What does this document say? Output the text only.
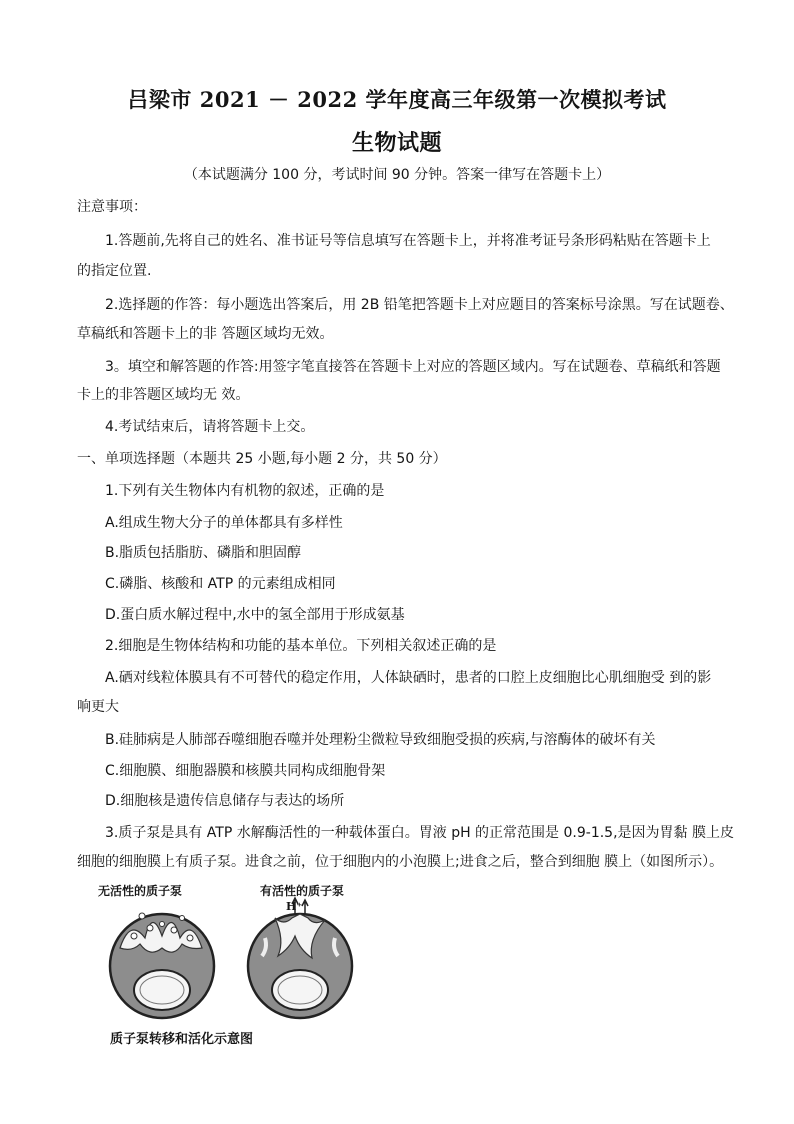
吕梁市 2021 － 2022 学年度高三年级第一次模拟考试
生物试题
（本试题满分 100 分，考试时间 90 分钟。答案一律写在答题卡上）
注意事项：
1.答题前,先将自己的姓名、准书证号等信息填写在答题卡上，并将准考证号条形码粘贴在答题卡上
的指定位置.
2.选择题的作答：每小题选出答案后，用 2B 铅笔把答题卡上对应题目的答案标号涂黑。写在试题卷、
草稿纸和答题卡上的非 答题区域均无效。
3。填空和解答题的作答:用签字笔直接答在答题卡上对应的答题区域内。写在试题卷、草稿纸和答题
卡上的非答题区域均无 效。
4.考试结束后，请将答题卡上交。
一、单项选择题（本题共 25 小题,每小题 2 分，共 50 分）
1.下列有关生物体内有机物的叙述，正确的是
A.组成生物大分子的单体都具有多样性
B.脂质包括脂肪、磷脂和胆固醇
C.磷脂、核酸和 ATP 的元素组成相同
D.蛋白质水解过程中,水中的氢全部用于形成氨基
2.细胞是生物体结构和功能的基本单位。下列相关叙述正确的是
A.硒对线粒体膜具有不可替代的稳定作用，人体缺硒时，患者的口腔上皮细胞比心肌细胞受 到的影
响更大
B.硅肺病是人肺部吞噬细胞吞噬并处理粉尘微粒导致细胞受损的疾病,与溶酶体的破坏有关
C.细胞膜、细胞器膜和核膜共同构成细胞骨架
D.细胞核是遗传信息储存与表达的场所
3.质子泵是具有 ATP 水解酶活性的一种载体蛋白。胃液 pH 的正常范围是 0.9-1.5,是因为胃黏 膜上皮
细胞的细胞膜上有质子泵。进食之前，位于细胞内的小泡膜上;进食之后，整合到细胞 膜上（如图所示）。
无活性的质子泵	有活性的质子泵
H⁺
质子泵转移和活化示意图
